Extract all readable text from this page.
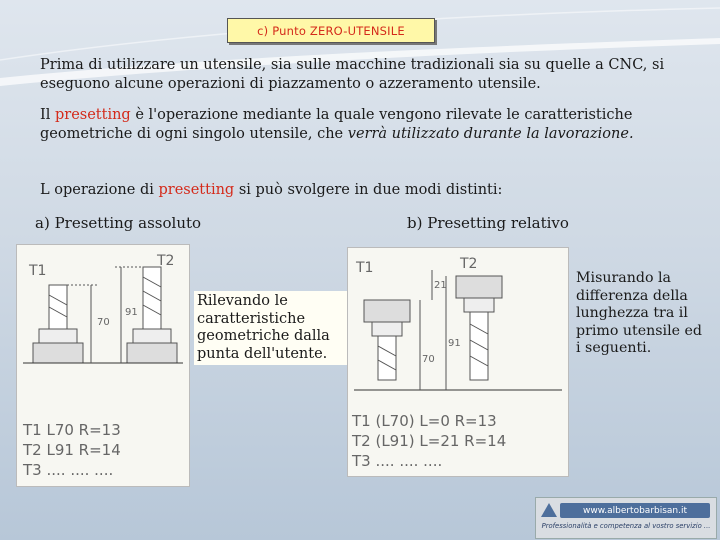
c) Punto ZERO-UTENSILE
Prima di utilizzare un utensile, sia sulle macchine tradizionali sia su quelle a CNC, si eseguono alcune operazioni di piazzamento o azzeramento utensile.
Il presetting è l'operazione mediante la quale vengono rilevate le caratteristiche geometriche di ogni singolo utensile, che verrà utilizzato durante la lavorazione.
L operazione di presetting si può svolgere in due modi distinti:
a) Presetting assoluto	b) Presetting relativo
T1
T2
70
91
T1 L70 R=13
T2 L91 R=14
T3 .... .... ....
Rilevando le caratteristiche geometriche dalla punta dell'utente.
T1	T2
70
91
21
T1 (L70) L=0 R=13
T2 (L91) L=21 R=14
T3 .... .... ....
Misurando la differenza della lunghezza tra il primo utensile ed i seguenti.
www.albertobarbisan.it
Professionalità e competenza al vostro servizio ...
